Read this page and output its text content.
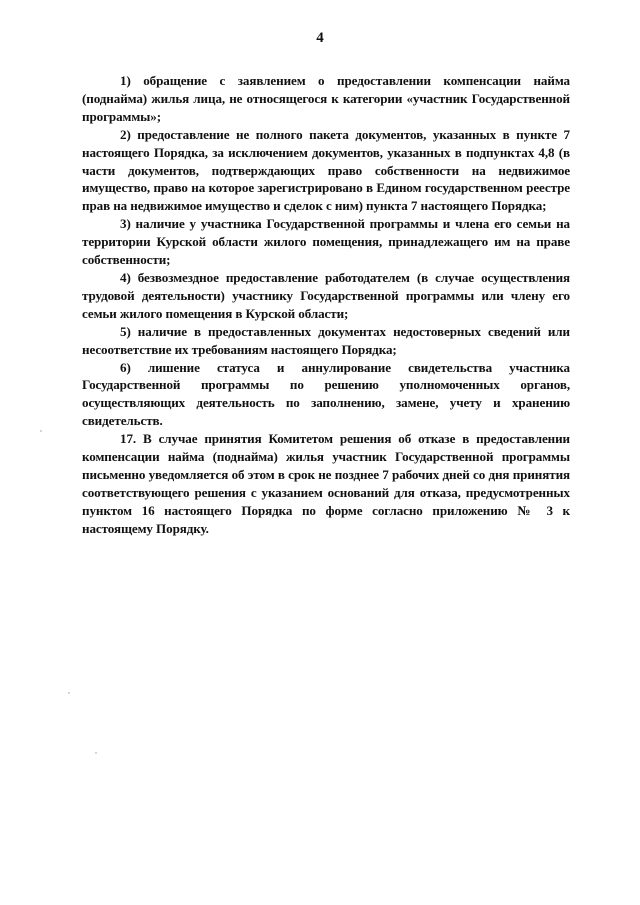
4

1) обращение с заявлением о предоставлении компенсации найма (поднайма) жилья лица, не относящегося к категории «участник Государственной программы»;

2) предоставление не полного пакета документов, указанных в пункте 7 настоящего Порядка, за исключением документов, указанных в подпунктах 4,8 (в части документов, подтверждающих право собственности на недвижимое имущество, право на которое зарегистрировано в Едином государственном реестре прав на недвижимое имущество и сделок с ним) пункта 7 настоящего Порядка;

3) наличие у участника Государственной программы и члена его семьи на территории Курской области жилого помещения, принадлежащего им на праве собственности;

4) безвозмездное предоставление работодателем (в случае осуществления трудовой деятельности) участнику Государственной программы или члену его семьи жилого помещения в Курской области;

5) наличие в предоставленных документах недостоверных сведений или несоответствие их требованиям настоящего Порядка;

6) лишение статуса и аннулирование свидетельства участника Государственной программы по решению уполномоченных органов, осуществляющих деятельность по заполнению, замене, учету и хранению свидетельств.

17. В случае принятия Комитетом решения об отказе в предоставлении компенсации найма (поднайма) жилья участник Государственной программы письменно уведомляется об этом в срок не позднее 7 рабочих дней со дня принятия соответствующего решения с указанием оснований для отказа, предусмотренных пунктом 16 настоящего Порядка по форме согласно приложению № 3 к настоящему Порядку.
